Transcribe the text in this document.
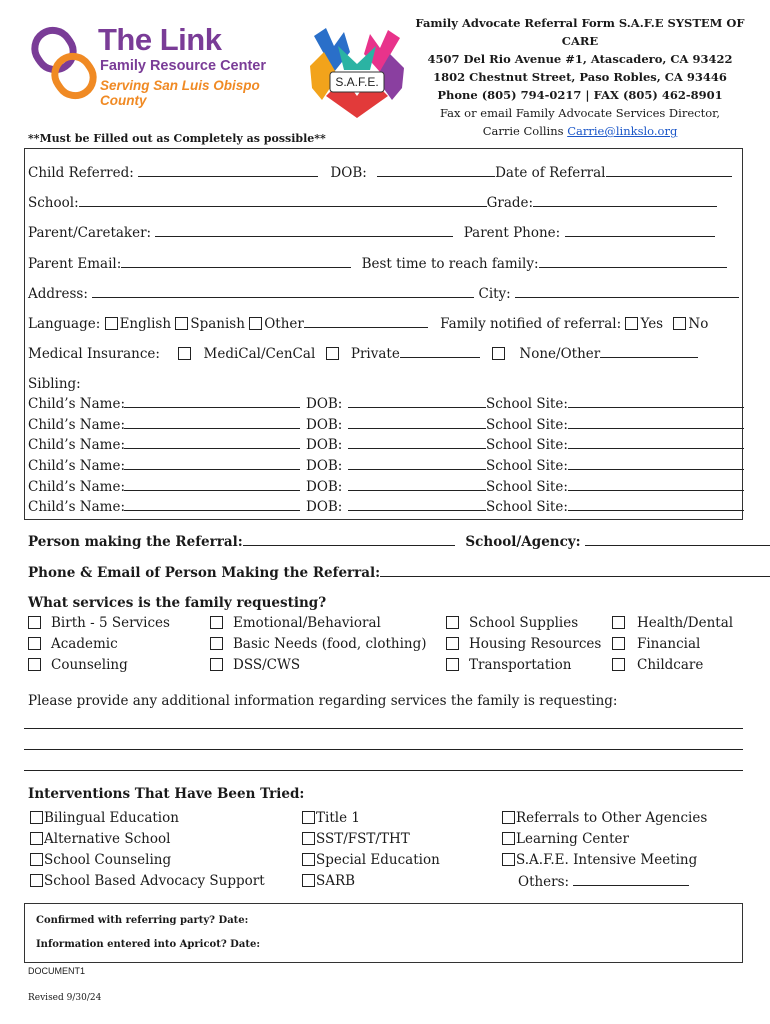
The Link
Family Resource Center
Serving San Luis Obispo County
S.A.F.E.
Family Advocate Referral Form S.A.F.E SYSTEM OF CARE
4507 Del Rio Avenue #1, Atascadero, CA 93422
1802 Chestnut Street, Paso Robles, CA 93446
Phone (805) 794-0217 | FAX (805) 462-8901
Fax or email Family Advocate Services Director,
Carrie Collins Carrie@linkslo.org
**Must be Filled out as Completely as possible**
Child Referred:	DOB:	Date of Referral
School:	Grade:
Parent/Caretaker:	Parent Phone:
Parent Email:	Best time to reach family:
Address:	City:
Language: English Spanish Other	Family notified of referral: Yes No
Medical Insurance:	MediCal/CenCal	Private	None/Other
Sibling:
Child’s Name:	DOB:	School Site:
Child’s Name:	DOB:	School Site:
Child’s Name:	DOB:	School Site:
Child’s Name:	DOB:	School Site:
Child’s Name:	DOB:	School Site:
Child’s Name:	DOB:	School Site:
Person making the Referral:	School/Agency:
Phone & Email of Person Making the Referral:
What services is the family requesting?
Birth - 5 Services
Academic
Counseling
Emotional/Behavioral
Basic Needs (food, clothing)
DSS/CWS
School Supplies
Housing Resources
Transportation
Health/Dental
Financial
Childcare
Please provide any additional information regarding services the family is requesting:
Interventions That Have Been Tried:
Bilingual Education
Alternative School
School Counseling
School Based Advocacy Support
Title 1
SST/FST/THT
Special Education
SARB
Referrals to Other Agencies
Learning Center
S.A.F.E. Intensive Meeting
Others:
Confirmed with referring party? Date:
Information entered into Apricot? Date:
DOCUMENT1
Revised 9/30/24
